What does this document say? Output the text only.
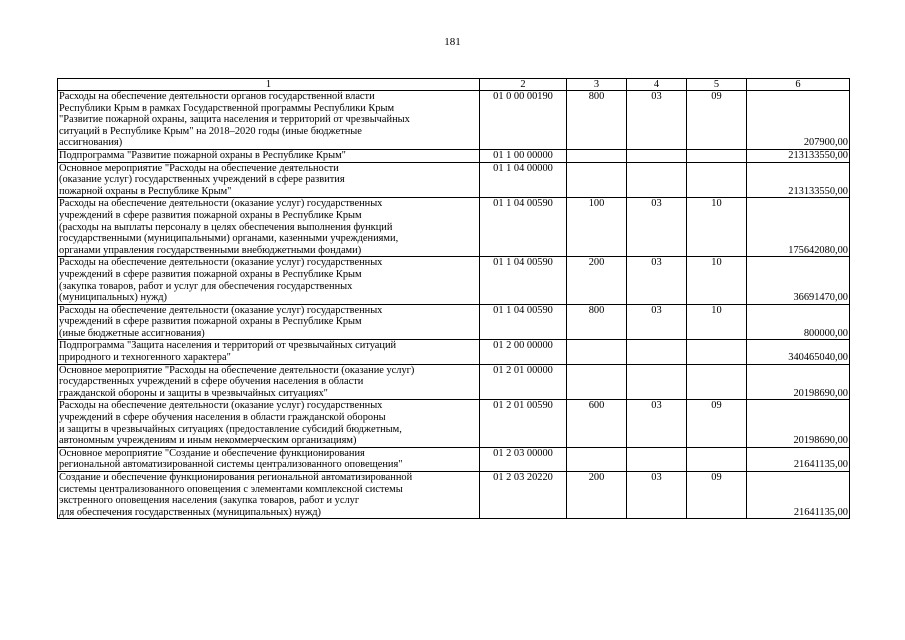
181
1	2	3	4	5	6
Расходы на обеспечение деятельности органов государственной власти
Республики Крым в рамках Государственной программы Республики Крым
"Развитие пожарной охраны, защита населения и территорий от чрезвычайных
ситуаций в Республике Крым" на 2018–2020 годы (иные бюджетные
ассигнования)	01 0 00 00190	800	03	09	207900,00
Подпрограмма "Развитие пожарной охраны в Республике Крым"	01 1 00 00000				213133550,00
Основное мероприятие "Расходы на обеспечение деятельности
(оказание услуг) государственных учреждений в сфере развития
пожарной охраны в Республике Крым"	01 1 04 00000				213133550,00
Расходы на обеспечение деятельности (оказание услуг) государственных
учреждений в сфере развития пожарной охраны в Республике Крым
(расходы на выплаты персоналу в целях обеспечения выполнения функций
государственными (муниципальными) органами, казенными учреждениями,
органами управления государственными внебюджетными фондами)	01 1 04 00590	100	03	10	175642080,00
Расходы на обеспечение деятельности (оказание услуг) государственных
учреждений в сфере развития пожарной охраны в Республике Крым
(закупка товаров, работ и услуг для обеспечения государственных
(муниципальных) нужд)	01 1 04 00590	200	03	10	36691470,00
Расходы на обеспечение деятельности (оказание услуг) государственных
учреждений в сфере развития пожарной охраны в Республике Крым
(иные бюджетные ассигнования)	01 1 04 00590	800	03	10	800000,00
Подпрограмма "Защита населения и территорий от чрезвычайных ситуаций
природного и техногенного характера"	01 2 00 00000				340465040,00
Основное мероприятие "Расходы на обеспечение деятельности (оказание услуг)
государственных учреждений в сфере обучения населения в области
гражданской обороны и защиты в чрезвычайных ситуациях"	01 2 01 00000				20198690,00
Расходы на обеспечение деятельности (оказание услуг) государственных
учреждений в сфере обучения населения в области гражданской обороны
и защиты в чрезвычайных ситуациях (предоставление субсидий бюджетным,
автономным учреждениям и иным некоммерческим организациям)	01 2 01 00590	600	03	09	20198690,00
Основное мероприятие "Создание и обеспечение функционирования
региональной автоматизированной системы централизованного оповещения"	01 2 03 00000				21641135,00
Создание и обеспечение функционирования региональной автоматизированной
системы централизованного оповещения с элементами комплексной системы
экстренного оповещения населения (закупка товаров, работ и услуг
для обеспечения государственных (муниципальных) нужд)	01 2 03 20220	200	03	09	21641135,00
